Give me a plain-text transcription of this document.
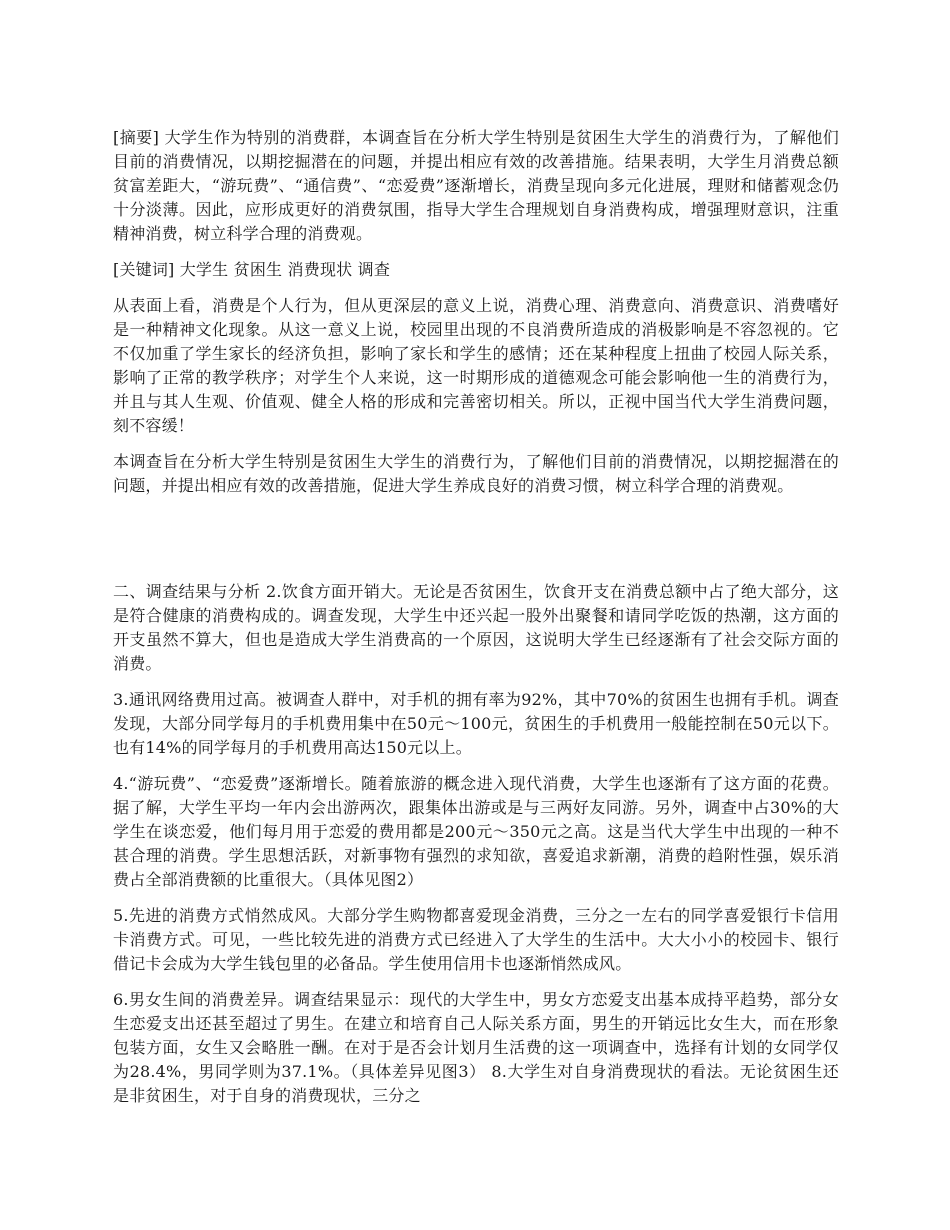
[摘要] 大学生作为特别的消费群，本调查旨在分析大学生特别是贫困生大学生的消费行为，了解他们目前的消费情况，以期挖掘潜在的问题，并提出相应有效的改善措施。结果表明，大学生月消费总额贫富差距大，“游玩费”、“通信费”、“恋爱费”逐渐增长，消费呈现向多元化进展，理财和储蓄观念仍十分淡薄。因此，应形成更好的消费氛围，指导大学生合理规划自身消费构成，增强理财意识，注重精神消费，树立科学合理的消费观。

[关键词] 大学生 贫困生 消费现状 调查

从表面上看，消费是个人行为，但从更深层的意义上说，消费心理、消费意向、消费意识、消费嗜好是一种精神文化现象。从这一意义上说，校园里出现的不良消费所造成的消极影响是不容忽视的。它不仅加重了学生家长的经济负担，影响了家长和学生的感情；还在某种程度上扭曲了校园人际关系，影响了正常的教学秩序；对学生个人来说，这一时期形成的道德观念可能会影响他一生的消费行为，并且与其人生观、价值观、健全人格的形成和完善密切相关。所以，正视中国当代大学生消费问题，刻不容缓！

本调查旨在分析大学生特别是贫困生大学生的消费行为，了解他们目前的消费情况，以期挖掘潜在的问题，并提出相应有效的改善措施，促进大学生养成良好的消费习惯，树立科学合理的消费观。

二、调查结果与分析 2.饮食方面开销大。无论是否贫困生，饮食开支在消费总额中占了绝大部分，这是符合健康的消费构成的。调查发现，大学生中还兴起一股外出聚餐和请同学吃饭的热潮，这方面的开支虽然不算大，但也是造成大学生消费高的一个原因，这说明大学生已经逐渐有了社会交际方面的消费。

3.通讯网络费用过高。被调查人群中，对手机的拥有率为92%，其中70%的贫困生也拥有手机。调查发现，大部分同学每月的手机费用集中在50元～100元，贫困生的手机费用一般能控制在50元以下。也有14%的同学每月的手机费用高达150元以上。

4.“游玩费”、“恋爱费”逐渐增长。随着旅游的概念进入现代消费，大学生也逐渐有了这方面的花费。据了解，大学生平均一年内会出游两次，跟集体出游或是与三两好友同游。另外，调查中占30%的大学生在谈恋爱，他们每月用于恋爱的费用都是200元～350元之高。这是当代大学生中出现的一种不甚合理的消费。学生思想活跃，对新事物有强烈的求知欲，喜爱追求新潮，消费的趋附性强，娱乐消费占全部消费额的比重很大。（具体见图2）

5.先进的消费方式悄然成风。大部分学生购物都喜爱现金消费，三分之一左右的同学喜爱银行卡信用卡消费方式。可见，一些比较先进的消费方式已经进入了大学生的生活中。大大小小的校园卡、银行借记卡会成为大学生钱包里的必备品。学生使用信用卡也逐渐悄然成风。

6.男女生间的消费差异。调查结果显示：现代的大学生中，男女方恋爱支出基本成持平趋势，部分女生恋爱支出还甚至超过了男生。在建立和培育自己人际关系方面，男生的开销远比女生大，而在形象包装方面，女生又会略胜一酬。在对于是否会计划月生活费的这一项调查中，选择有计划的女同学仅为28.4%，男同学则为37.1%。（具体差异见图3） 8.大学生对自身消费现状的看法。无论贫困生还是非贫困生，对于自身的消费现状，三分之
